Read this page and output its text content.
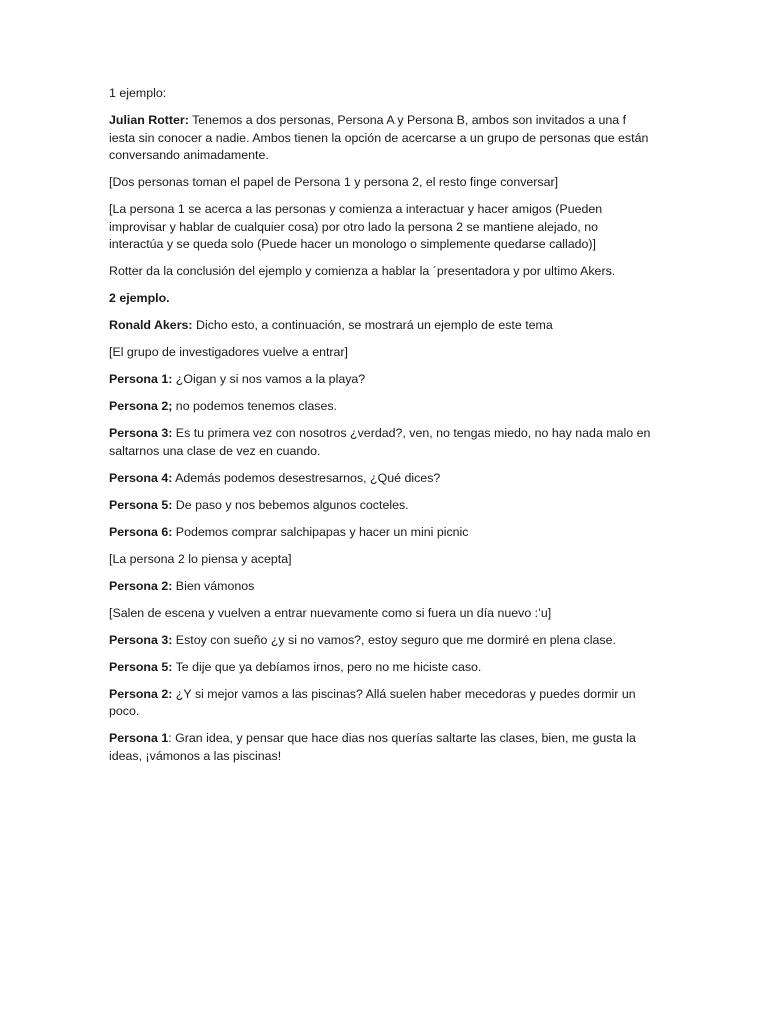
1 ejemplo:

Julian Rotter: Tenemos a dos personas, Persona A y Persona B, ambos son invitados a una f iesta sin conocer a nadie. Ambos tienen la opción de acercarse a un grupo de personas que están conversando animadamente.

[Dos personas toman el papel de Persona 1 y persona 2, el resto finge conversar]

[La persona 1 se acerca a las personas y comienza a interactuar y hacer amigos (Pueden improvisar y hablar de cualquier cosa) por otro lado la persona 2 se mantiene alejado, no interactúa y se queda solo (Puede hacer un monologo o simplemente quedarse callado)]

Rotter da la conclusión del ejemplo y comienza a hablar la ´presentadora y por ultimo Akers.

2 ejemplo.

Ronald Akers: Dicho esto, a continuación, se mostrará un ejemplo de este tema

[El grupo de investigadores vuelve a entrar]

Persona 1: ¿Oigan y si nos vamos a la playa?

Persona 2; no podemos tenemos clases.

Persona 3: Es tu primera vez con nosotros ¿verdad?, ven, no tengas miedo, no hay nada malo en saltarnos una clase de vez en cuando.

Persona 4: Además podemos desestresarnos, ¿Qué dices?

Persona 5: De paso y nos bebemos algunos cocteles.

Persona 6: Podemos comprar salchipapas y hacer un mini picnic

[La persona 2 lo piensa y acepta]

Persona 2: Bien vámonos

[Salen de escena y vuelven a entrar nuevamente como si fuera un día nuevo :’u]

Persona 3: Estoy con sueño ¿y si no vamos?, estoy seguro que me dormiré en plena clase.

Persona 5: Te dije que ya debíamos irnos, pero no me hiciste caso.

Persona 2: ¿Y si mejor vamos a las piscinas? Allá suelen haber mecedoras y puedes dormir un poco.

Persona 1: Gran idea, y pensar que hace dias nos querías saltarte las clases, bien, me gusta la ideas, ¡vámonos a las piscinas!
